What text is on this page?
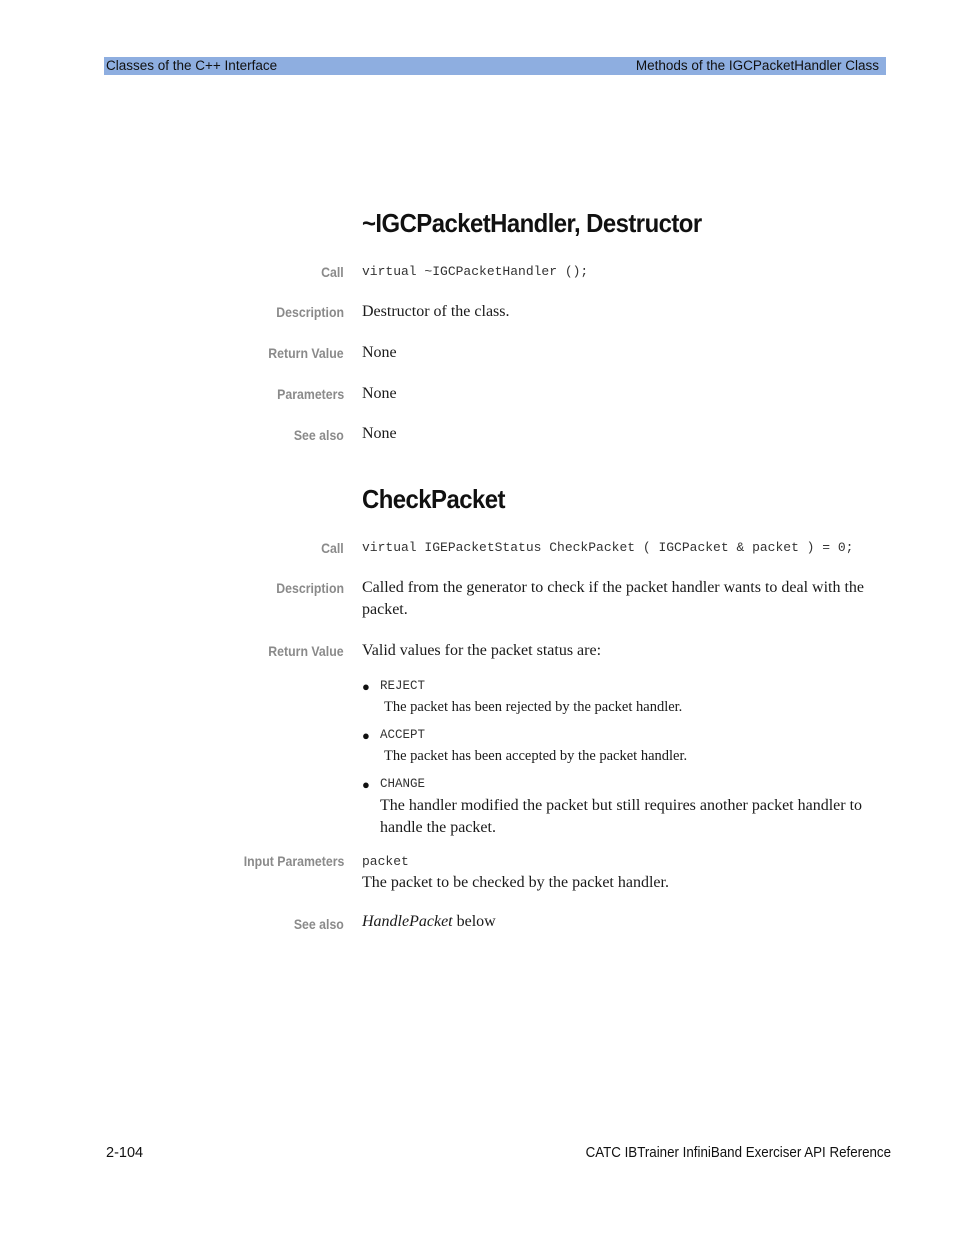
Classes of the C++ Interface	Methods of the IGCPacketHandler Class
~IGCPacketHandler, Destructor
Call virtual ~IGCPacketHandler ();
Description Destructor of the class.
Return Value None
Parameters None
See also None
CheckPacket
Call virtual IGEPacketStatus CheckPacket ( IGCPacket & packet ) = 0;
Description Called from the generator to check if the packet handler wants to deal with the packet.
Return Value Valid values for the packet status are:
● REJECT
The packet has been rejected by the packet handler.
● ACCEPT
The packet has been accepted by the packet handler.
● CHANGE
The handler modified the packet but still requires another packet handler to handle the packet.
Input Parameters packet
The packet to be checked by the packet handler.
See also HandlePacket below
2-104	CATC IBTrainer InfiniBand Exerciser API Reference
